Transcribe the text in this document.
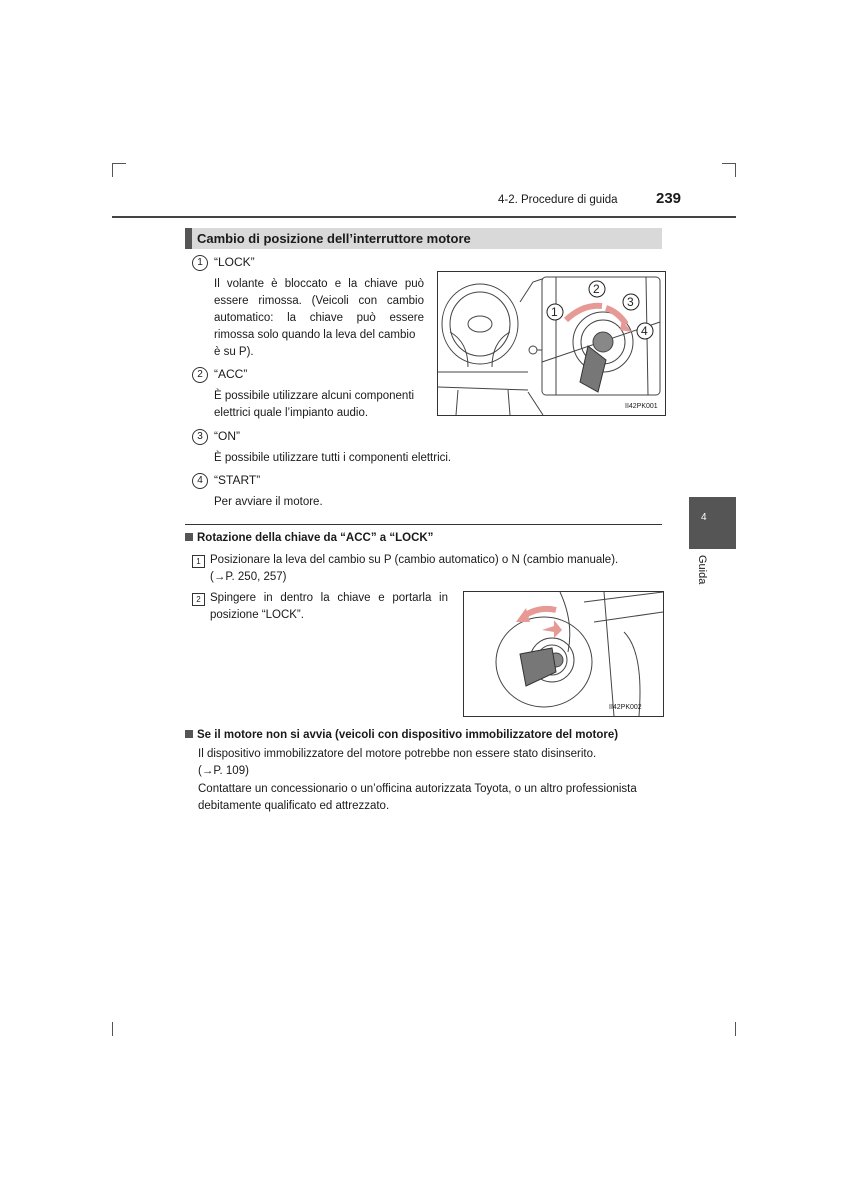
4-2. Procedure di guida	239
4
Guida
Cambio di posizione dell’interruttore motore
1 “LOCK”
Il volante è bloccato e la chiave può
essere rimossa. (Veicoli con cambio
automatico: la chiave può essere
rimossa solo quando la leva del cambio
è su P).
2 “ACC”
È possibile utilizzare alcuni componenti
elettrici quale l’impianto audio.
3 “ON”
È possibile utilizzare tutti i componenti elettrici.
4 “START”
Per avviare il motore.
1
2
3
4
II42PK001
Rotazione della chiave da “ACC” a “LOCK”
1 Posizionare la leva del cambio su P (cambio automatico) o N (cambio manuale).
(→P. 250, 257)
2 Spingere in dentro la chiave e portarla in
posizione “LOCK”.
II42PK002
Se il motore non si avvia (veicoli con dispositivo immobilizzatore del motore)
Il dispositivo immobilizzatore del motore potrebbe non essere stato disinserito.
(→P. 109)
Contattare un concessionario o un’officina autorizzata Toyota, o un altro professionista
debitamente qualificato ed attrezzato.
